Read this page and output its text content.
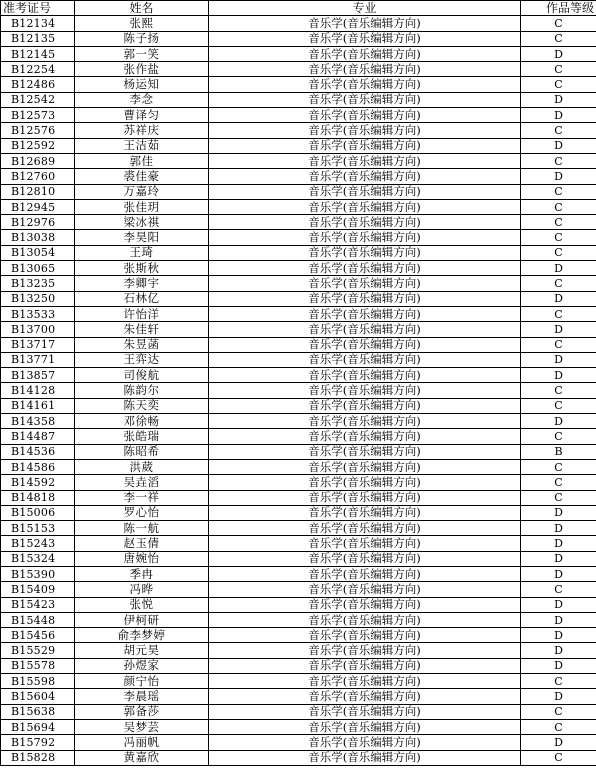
准考证号	姓名	专业	作品等级
B12134	张熙	音乐学(音乐编辑方向)	C
B12135	陈子扬	音乐学(音乐编辑方向)	C
B12145	郭一笑	音乐学(音乐编辑方向)	D
B12254	张作盐	音乐学(音乐编辑方向)	C
B12486	杨运知	音乐学(音乐编辑方向)	C
B12542	李念	音乐学(音乐编辑方向)	D
B12573	曹译匀	音乐学(音乐编辑方向)	D
B12576	苏祥庆	音乐学(音乐编辑方向)	C
B12592	王洁茹	音乐学(音乐编辑方向)	D
B12689	郭佳	音乐学(音乐编辑方向)	C
B12760	裘佳豪	音乐学(音乐编辑方向)	D
B12810	万嘉玲	音乐学(音乐编辑方向)	C
B12945	张佳玥	音乐学(音乐编辑方向)	C
B12976	梁冰祺	音乐学(音乐编辑方向)	C
B13038	李昊阳	音乐学(音乐编辑方向)	C
B13054	王琦	音乐学(音乐编辑方向)	C
B13065	张斯秋	音乐学(音乐编辑方向)	D
B13235	李卿宇	音乐学(音乐编辑方向)	C
B13250	石林亿	音乐学(音乐编辑方向)	D
B13533	许怡洋	音乐学(音乐编辑方向)	C
B13700	朱佳轩	音乐学(音乐编辑方向)	D
B13717	朱昱菡	音乐学(音乐编辑方向)	C
B13771	王弈达	音乐学(音乐编辑方向)	D
B13857	司俊航	音乐学(音乐编辑方向)	D
B14128	陈韵尔	音乐学(音乐编辑方向)	C
B14161	陈天奕	音乐学(音乐编辑方向)	C
B14358	邓徐畅	音乐学(音乐编辑方向)	D
B14487	张皓瑞	音乐学(音乐编辑方向)	C
B14536	陈昭希	音乐学(音乐编辑方向)	B
B14586	洪葳	音乐学(音乐编辑方向)	C
B14592	吴垚滔	音乐学(音乐编辑方向)	C
B14818	李一祥	音乐学(音乐编辑方向)	C
B15006	罗心怡	音乐学(音乐编辑方向)	D
B15153	陈一航	音乐学(音乐编辑方向)	D
B15243	赵玉倩	音乐学(音乐编辑方向)	D
B15324	唐婉怡	音乐学(音乐编辑方向)	D
B15390	季冉	音乐学(音乐编辑方向)	D
B15409	冯晔	音乐学(音乐编辑方向)	C
B15423	张悦	音乐学(音乐编辑方向)	D
B15448	伊柯研	音乐学(音乐编辑方向)	D
B15456	俞李梦婷	音乐学(音乐编辑方向)	D
B15529	胡元昊	音乐学(音乐编辑方向)	D
B15578	孙煜家	音乐学(音乐编辑方向)	D
B15598	颜宁怡	音乐学(音乐编辑方向)	C
B15604	李晨瑶	音乐学(音乐编辑方向)	D
B15638	郭备莎	音乐学(音乐编辑方向)	C
B15694	吴梦芸	音乐学(音乐编辑方向)	C
B15792	冯丽帆	音乐学(音乐编辑方向)	D
B15828	黄嘉欣	音乐学(音乐编辑方向)	C
